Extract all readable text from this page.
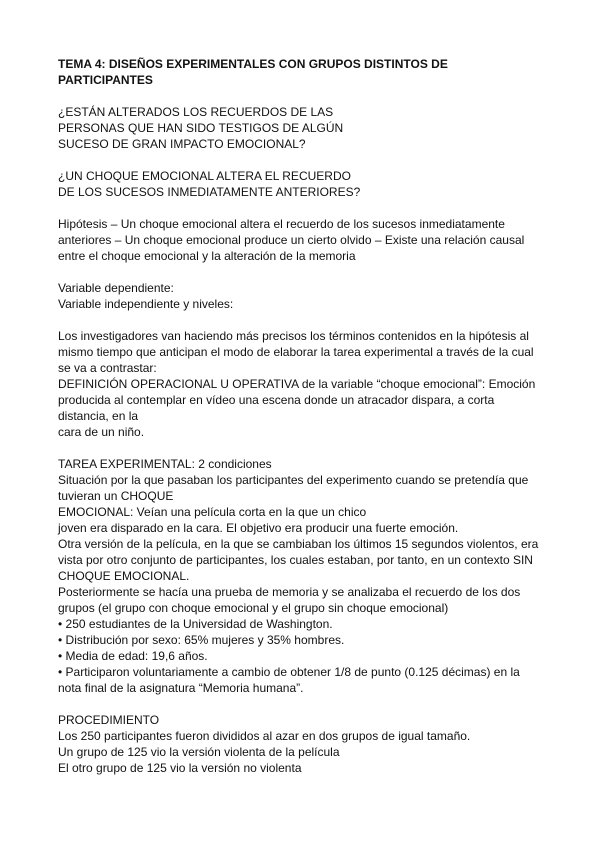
TEMA 4: DISEÑOS EXPERIMENTALES CON GRUPOS DISTINTOS DE
PARTICIPANTES
¿ESTÁN ALTERADOS LOS RECUERDOS DE LAS
PERSONAS QUE HAN SIDO TESTIGOS DE ALGÚN
SUCESO DE GRAN IMPACTO EMOCIONAL?
¿UN CHOQUE EMOCIONAL ALTERA EL RECUERDO
DE LOS SUCESOS INMEDIATAMENTE ANTERIORES?
Hipótesis – Un choque emocional altera el recuerdo de los sucesos inmediatamente
anteriores – Un choque emocional produce un cierto olvido – Existe una relación causal
entre el choque emocional y la alteración de la memoria
Variable dependiente:
Variable independiente y niveles:
Los investigadores van haciendo más precisos los términos contenidos en la hipótesis al
mismo tiempo que anticipan el modo de elaborar la tarea experimental a través de la cual
se va a contrastar:
DEFINICIÓN OPERACIONAL U OPERATIVA de la variable “choque emocional”: Emoción
producida al contemplar en vídeo una escena donde un atracador dispara, a corta
distancia, en la
cara de un niño.
TAREA EXPERIMENTAL: 2 condiciones
Situación por la que pasaban los participantes del experimento cuando se pretendía que
tuvieran un CHOQUE
EMOCIONAL: Veían una película corta en la que un chico
joven era disparado en la cara. El objetivo era producir una fuerte emoción.
Otra versión de la película, en la que se cambiaban los últimos 15 segundos violentos, era
vista por otro conjunto de participantes, los cuales estaban, por tanto, en un contexto SIN
CHOQUE EMOCIONAL.
Posteriormente se hacía una prueba de memoria y se analizaba el recuerdo de los dos
grupos (el grupo con choque emocional y el grupo sin choque emocional)
• 250 estudiantes de la Universidad de Washington.
• Distribución por sexo: 65% mujeres y 35% hombres.
• Media de edad: 19,6 años.
• Participaron voluntariamente a cambio de obtener 1/8 de punto (0.125 décimas) en la
nota final de la asignatura “Memoria humana”.
PROCEDIMIENTO
Los 250 participantes fueron divididos al azar en dos grupos de igual tamaño.
Un grupo de 125 vio la versión violenta de la película
El otro grupo de 125 vio la versión no violenta
